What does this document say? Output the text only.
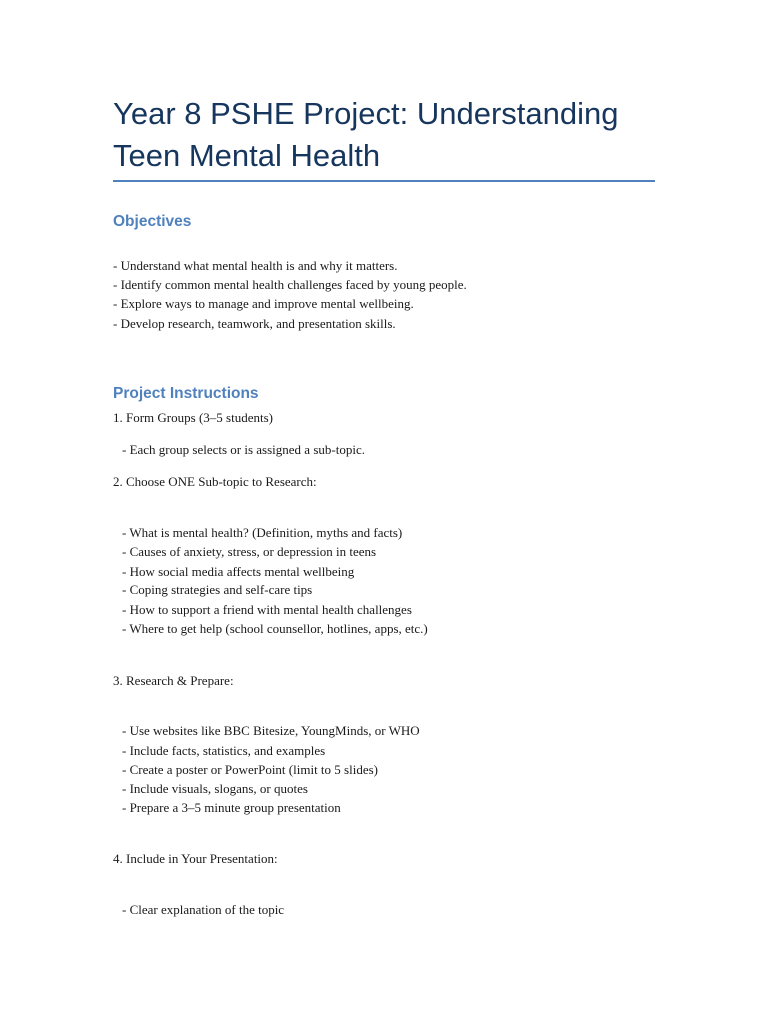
Year 8 PSHE Project: Understanding
Teen Mental Health
Objectives
- Understand what mental health is and why it matters.
- Identify common mental health challenges faced by young people.
- Explore ways to manage and improve mental wellbeing.
- Develop research, teamwork, and presentation skills.
Project Instructions
1. Form Groups (3–5 students)
- Each group selects or is assigned a sub-topic.
2. Choose ONE Sub-topic to Research:
- What is mental health? (Definition, myths and facts)
- Causes of anxiety, stress, or depression in teens
- How social media affects mental wellbeing
- Coping strategies and self-care tips
- How to support a friend with mental health challenges
- Where to get help (school counsellor, hotlines, apps, etc.)
3. Research & Prepare:
- Use websites like BBC Bitesize, YoungMinds, or WHO
- Include facts, statistics, and examples
- Create a poster or PowerPoint (limit to 5 slides)
- Include visuals, slogans, or quotes
- Prepare a 3–5 minute group presentation
4. Include in Your Presentation:
- Clear explanation of the topic
